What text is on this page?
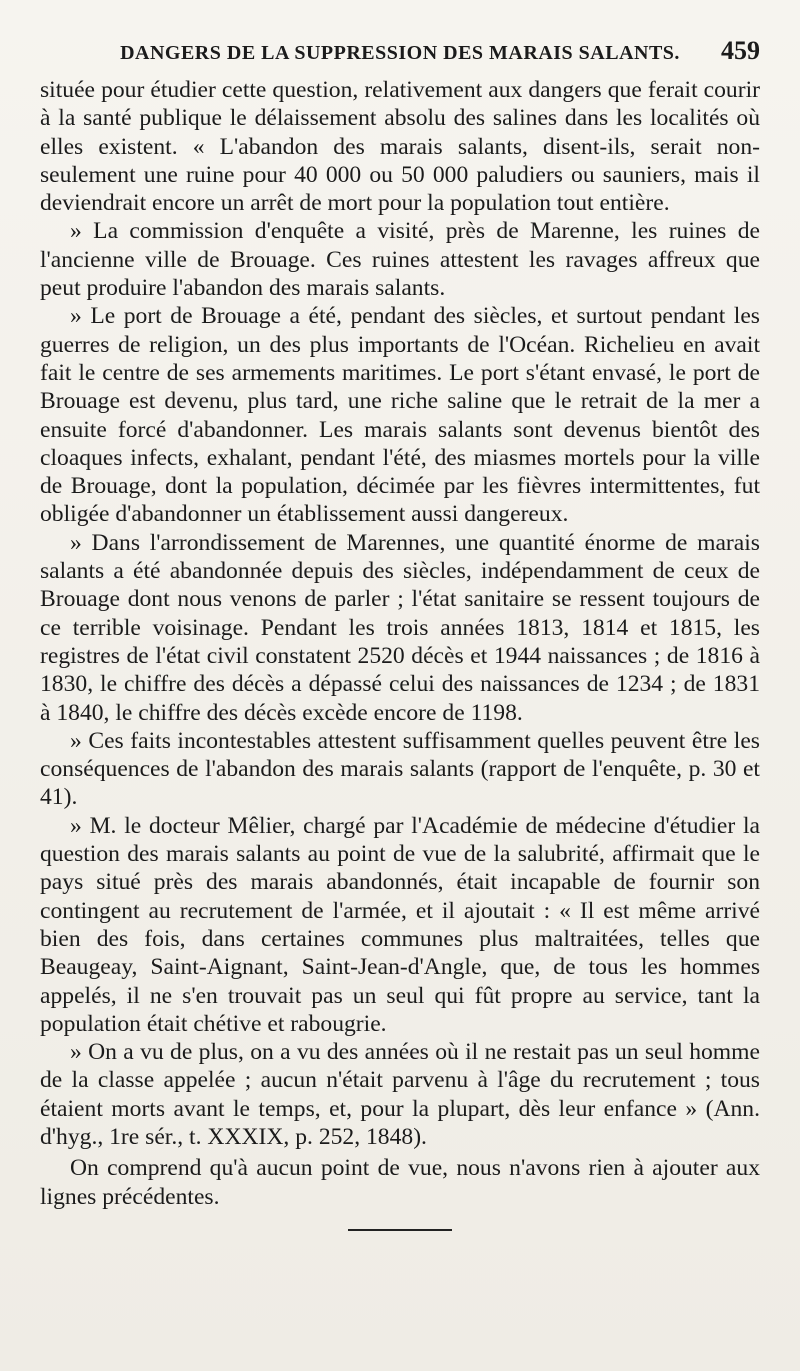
DANGERS DE LA SUPPRESSION DES MARAIS SALANTS.	459

située pour étudier cette question, relativement aux dangers que ferait courir à la santé publique le délaissement absolu des salines dans les localités où elles existent. « L'abandon des marais salants, disent-ils, serait non-seulement une ruine pour 40 000 ou 50 000 paludiers ou sauniers, mais il deviendrait encore un arrêt de mort pour la population tout entière.

» La commission d'enquête a visité, près de Marenne, les ruines de l'ancienne ville de Brouage. Ces ruines attestent les ravages affreux que peut produire l'abandon des marais salants.

» Le port de Brouage a été, pendant des siècles, et surtout pendant les guerres de religion, un des plus importants de l'Océan. Richelieu en avait fait le centre de ses armements maritimes. Le port s'étant envasé, le port de Brouage est devenu, plus tard, une riche saline que le retrait de la mer a ensuite forcé d'abandonner. Les marais salants sont devenus bientôt des cloaques infects, exhalant, pendant l'été, des miasmes mortels pour la ville de Brouage, dont la population, décimée par les fièvres intermittentes, fut obligée d'abandonner un établissement aussi dangereux.

» Dans l'arrondissement de Marennes, une quantité énorme de marais salants a été abandonnée depuis des siècles, indépendamment de ceux de Brouage dont nous venons de parler ; l'état sanitaire se ressent toujours de ce terrible voisinage. Pendant les trois années 1813, 1814 et 1815, les registres de l'état civil constatent 2520 décès et 1944 naissances ; de 1816 à 1830, le chiffre des décès a dépassé celui des naissances de 1234 ; de 1831 à 1840, le chiffre des décès excède encore de 1198.

» Ces faits incontestables attestent suffisamment quelles peuvent être les conséquences de l'abandon des marais salants (rapport de l'enquête, p. 30 et 41).

» M. le docteur Mêlier, chargé par l'Académie de médecine d'étudier la question des marais salants au point de vue de la salubrité, affirmait que le pays situé près des marais abandonnés, était incapable de fournir son contingent au recrutement de l'armée, et il ajoutait : « Il est même arrivé bien des fois, dans certaines communes plus maltraitées, telles que Beaugeay, Saint-Aignant, Saint-Jean-d'Angle, que, de tous les hommes appelés, il ne s'en trouvait pas un seul qui fût propre au service, tant la population était chétive et rabougrie.

» On a vu de plus, on a vu des années où il ne restait pas un seul homme de la classe appelée ; aucun n'était parvenu à l'âge du recrutement ; tous étaient morts avant le temps, et, pour la plupart, dès leur enfance » (Ann. d'hyg., 1re sér., t. XXXIX, p. 252, 1848).

On comprend qu'à aucun point de vue, nous n'avons rien à ajouter aux lignes précédentes.
